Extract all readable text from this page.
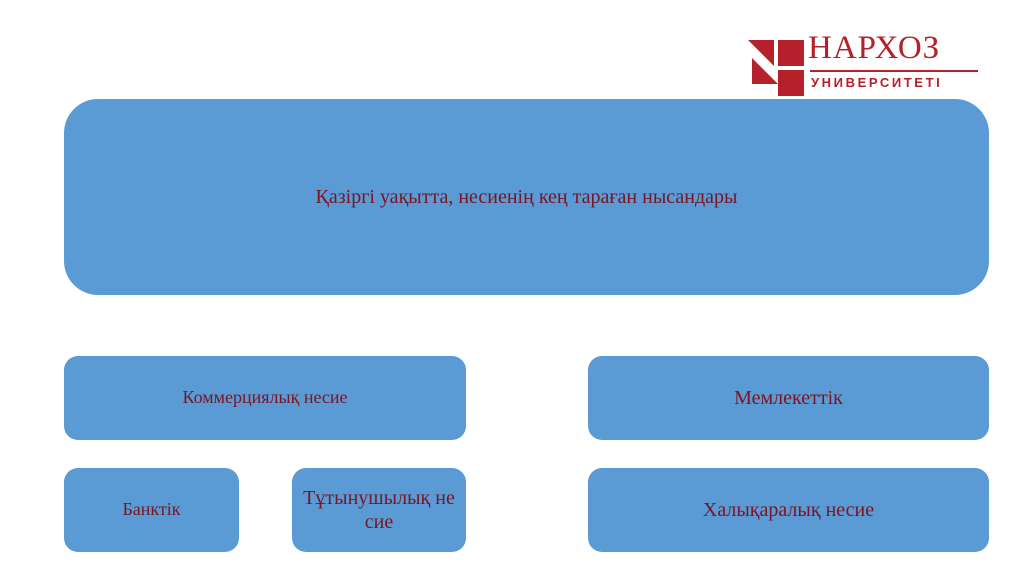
НАРХОЗ
УНИВЕРСИТЕТІ
Қазіргі уақытта, несиенің кең тараған нысандары
Коммерциялық несие	Мемлекеттік
Банктік
Тұтынушылық несие
Халықаралық несие
